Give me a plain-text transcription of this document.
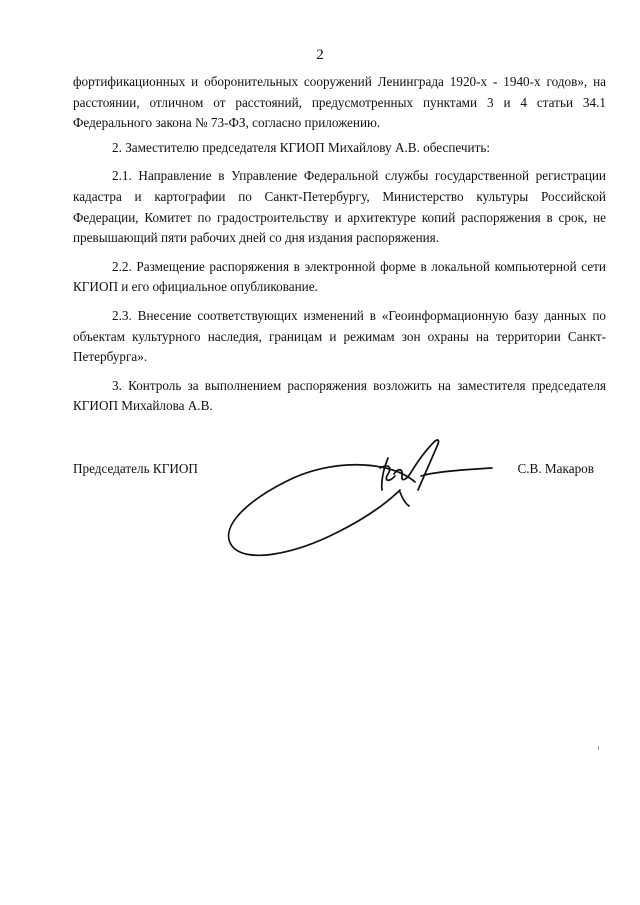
2

фортификационных и оборонительных сооружений Ленинграда 1920-х - 1940-х годов», на расстоянии, отличном от расстояний, предусмотренных пунктами 3 и 4 статьи 34.1 Федерального закона № 73-ФЗ, согласно приложению.

2. Заместителю председателя КГИОП Михайлову А.В. обеспечить:

2.1. Направление в Управление Федеральной службы государственной регистрации кадастра и картографии по Санкт-Петербургу, Министерство культуры Российской Федерации, Комитет по градостроительству и архитектуре копий распоряжения в срок, не превышающий пяти рабочих дней со дня издания распоряжения.

2.2. Размещение распоряжения в электронной форме в локальной компьютерной сети КГИОП и его официальное опубликование.

2.3. Внесение соответствующих изменений в «Геоинформационную базу данных по объектам культурного наследия, границам и режимам зон охраны на территории Санкт-Петербурга».

3. Контроль за выполнением распоряжения возложить на заместителя председателя КГИОП Михайлова А.В.

Председатель КГИОП	С.В. Макаров
